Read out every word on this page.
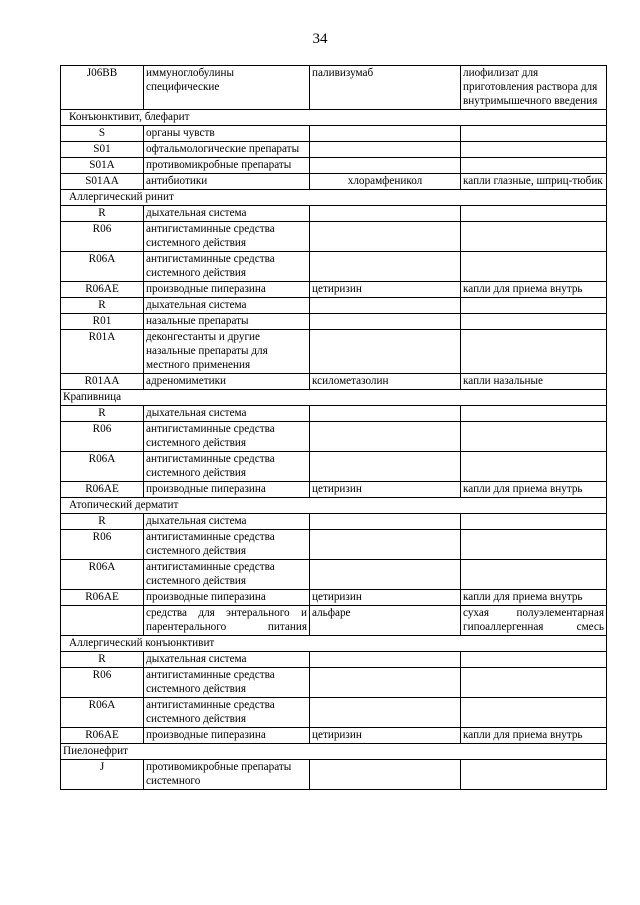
34
J06BB	иммуноглобулины специфические	паливизумаб	лиофилизат для приготовления раствора для внутримышечного введения
Конъюнктивит, блефарит			
S	органы чувств		
S01	офтальмологические препараты		
S01A	противомикробные препараты		
S01AA	антибиотики	хлорамфеникол	капли глазные, шприц-тюбик
Аллергический ринит			
R	дыхательная система		
R06	антигистаминные средства системного действия		
R06A	антигистаминные средства системного действия		
R06AE	производные пиперазина	цетиризин	капли для приема внутрь
R	дыхательная система		
R01	назальные препараты		
R01A	деконгестанты и другие назальные препараты для местного применения		
R01AA	адреномиметики	ксилометазолин	капли назальные
Крапивница			
R	дыхательная система		
R06	антигистаминные средства системного действия		
R06A	антигистаминные средства системного действия		
R06AE	производные пиперазина	цетиризин	капли для приема внутрь
Атопический дерматит			
R	дыхательная система		
R06	антигистаминные средства системного действия		
R06A	антигистаминные средства системного действия		
R06AE	производные пиперазина	цетиризин	капли для приема внутрь
	средства для энтерального и парентерального питания	альфаре	сухая полуэлементарная гипоаллергенная смесь
Аллергический конъюнктивит			
R	дыхательная система		
R06	антигистаминные средства системного действия		
R06A	антигистаминные средства системного действия		
R06AE	производные пиперазина	цетиризин	капли для приема внутрь
Пиелонефрит			
J	противомикробные препараты системного		
